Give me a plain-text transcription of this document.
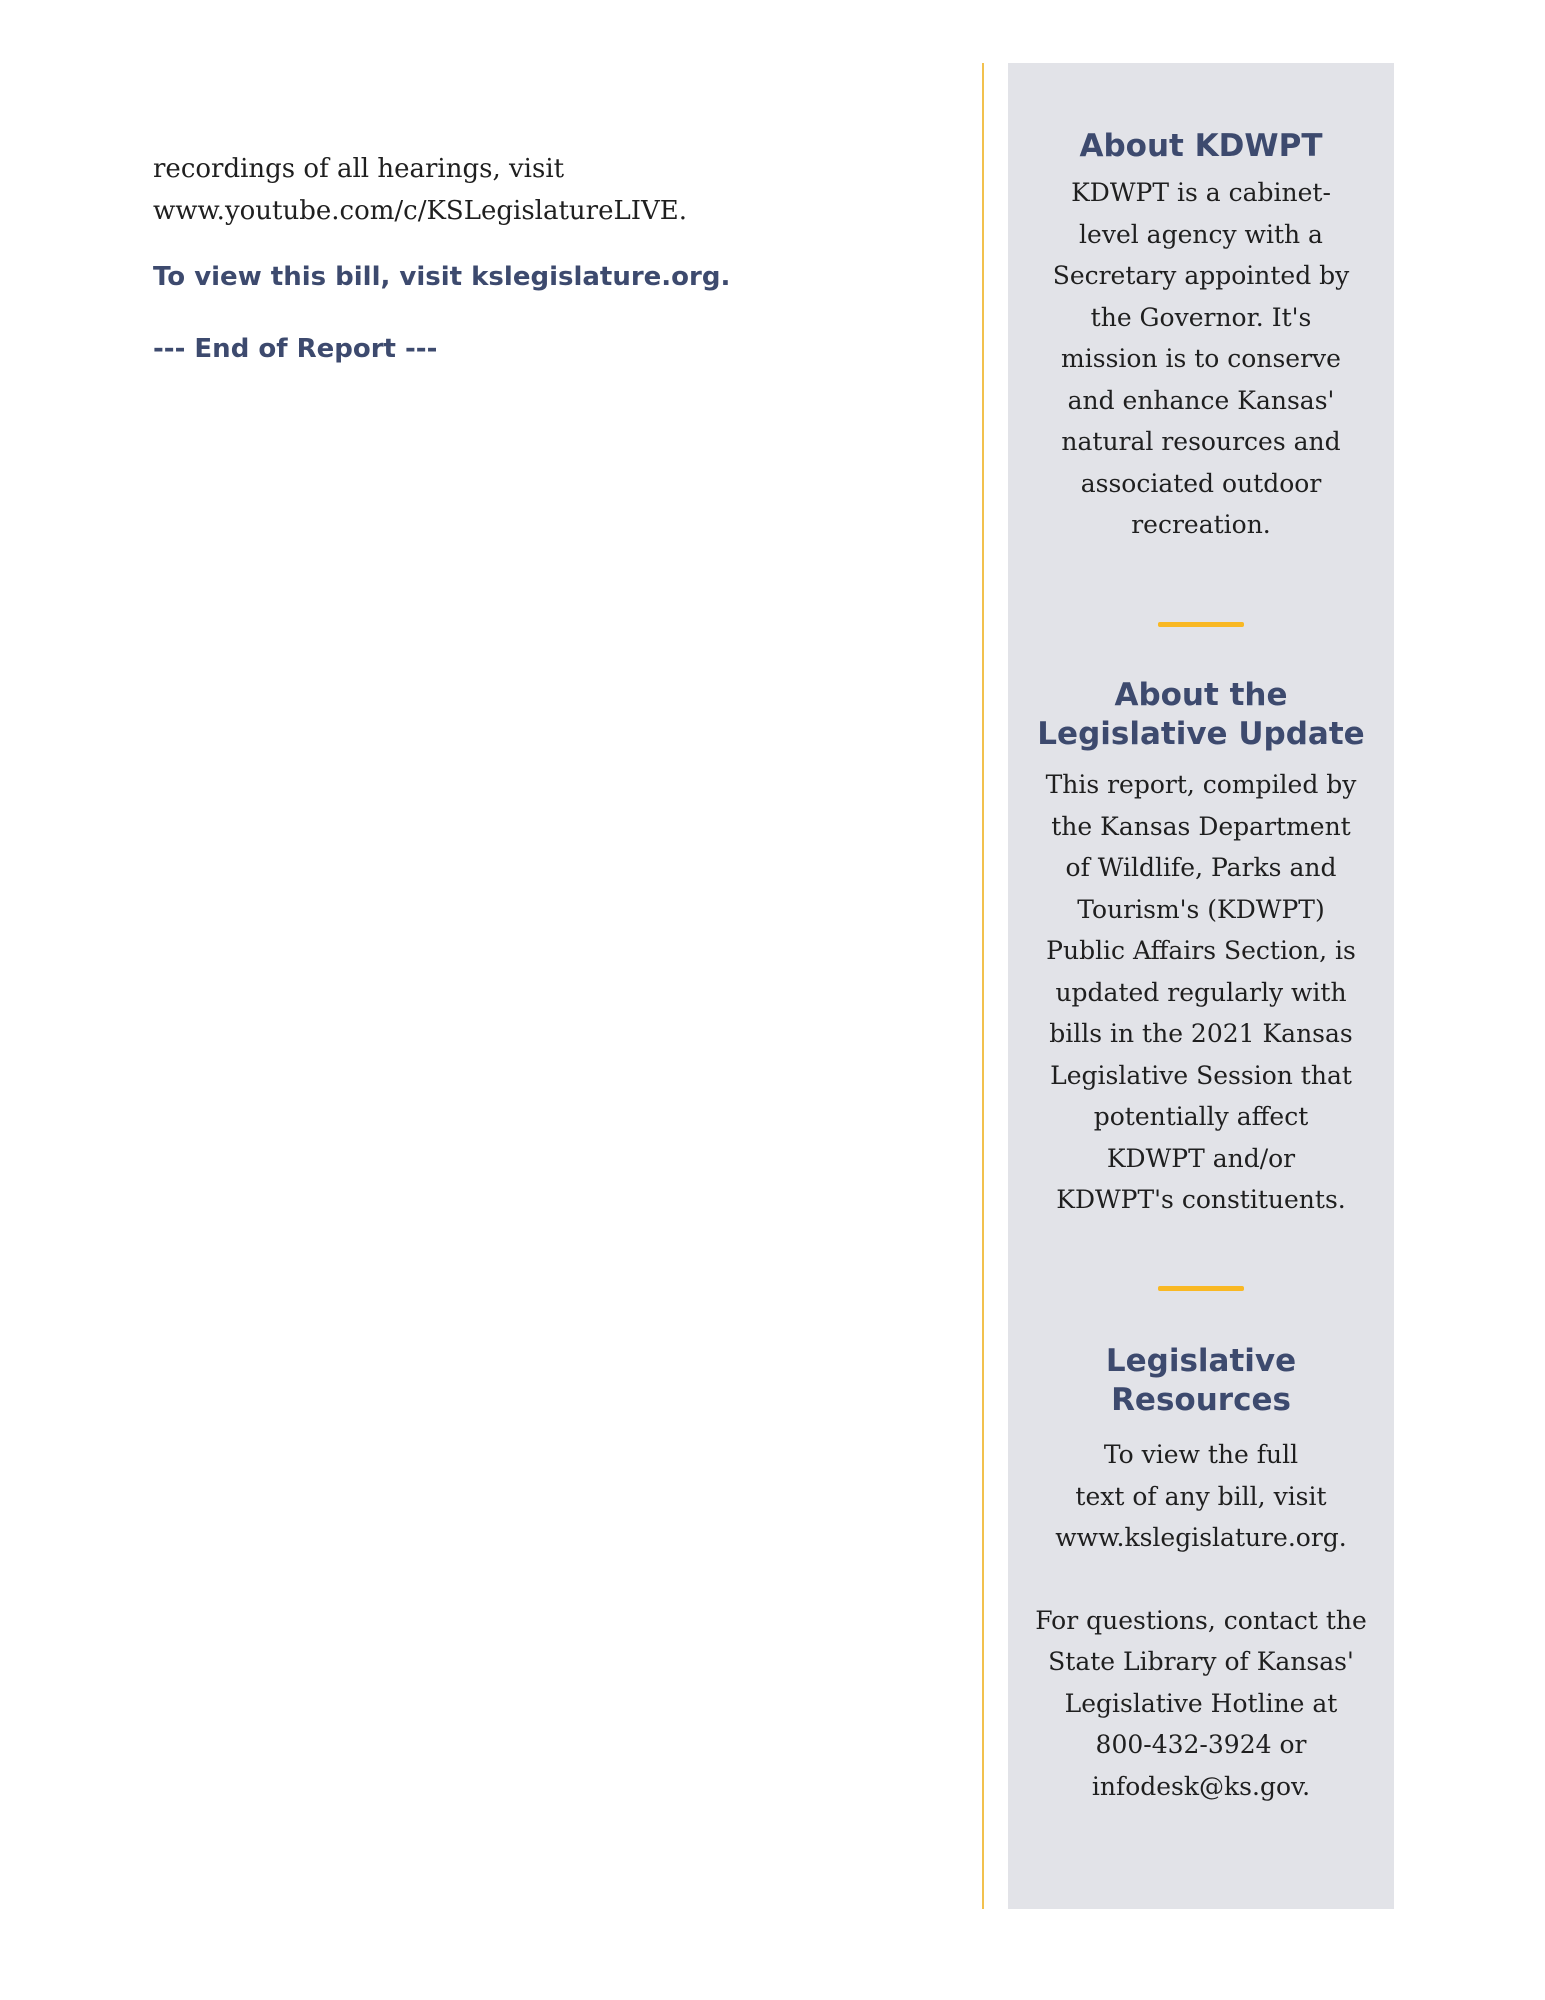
recordings of all hearings, visit
www.youtube.com/c/KSLegislatureLIVE.

To view this bill, visit kslegislature.org.

--- End of Report ---

About KDWPT

KDWPT is a cabinet-
level agency with a
Secretary appointed by
the Governor. It's
mission is to conserve
and enhance Kansas'
natural resources and
associated outdoor
recreation.

About the
Legislative Update

This report, compiled by
the Kansas Department
of Wildlife, Parks and
Tourism's (KDWPT)
Public Affairs Section, is
updated regularly with
bills in the 2021 Kansas
Legislative Session that
potentially affect
KDWPT and/or
KDWPT's constituents.

Legislative
Resources

To view the full
text of any bill, visit
www.kslegislature.org.

For questions, contact the
State Library of Kansas'
Legislative Hotline at
800-432-3924 or
infodesk@ks.gov.
